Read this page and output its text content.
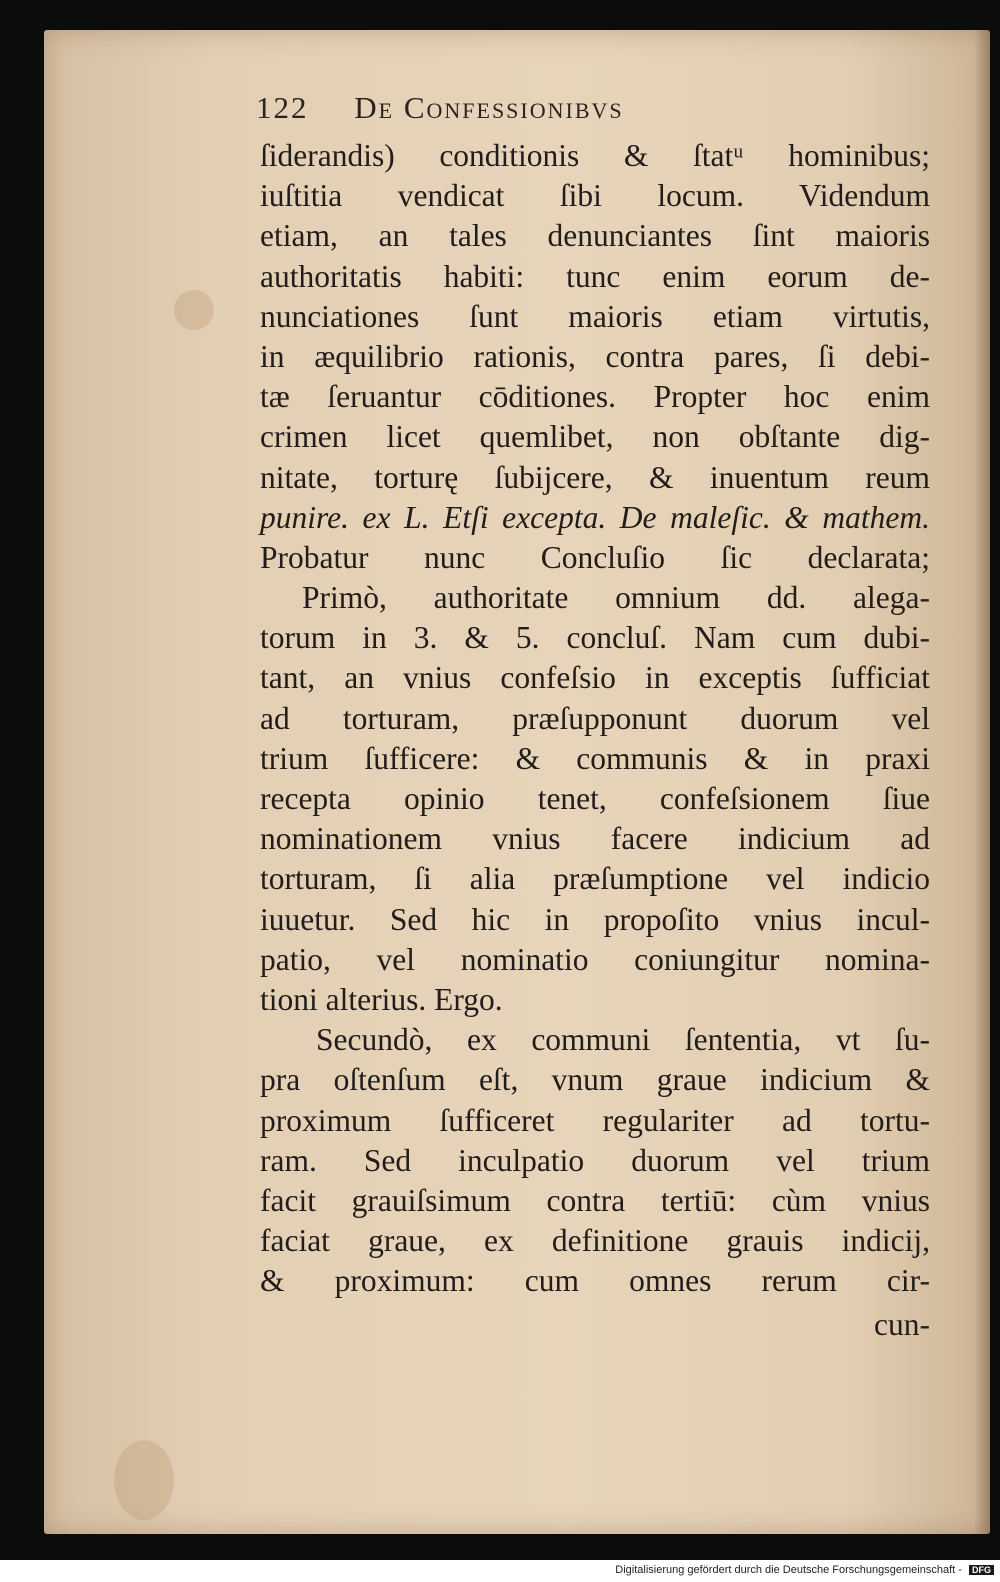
122 De Confessionibvs
ſiderandis) conditionis & ſtatᵘ hominibus;
iuſtitia vendicat ſibi locum. Videndum
etiam, an tales denunciantes ſint maioris
authoritatis habiti: tunc enim eorum de-
nunciationes ſunt maioris etiam virtutis,
in æquilibrio rationis, contra pares, ſi debi-
tæ ſeruantur cōditiones. Propter hoc enim
crimen licet quemlibet, non obſtante dig-
nitate, torturę ſubijcere, & inuentum reum
punire. ex L. Etſi excepta. De maleſic. & mathem.
Probatur nunc Concluſio ſic declarata;
Primò, authoritate omnium dd. alega-
torum in 3. & 5. concluſ. Nam cum dubi-
tant, an vnius confeſsio in exceptis ſufficiat
ad torturam, præſupponunt duorum vel
trium ſufficere: & communis & in praxi
recepta opinio tenet, confeſsionem ſiue
nominationem vnius facere indicium ad
torturam, ſi alia præſumptione vel indicio
iuuetur. Sed hic in propoſito vnius incul-
patio, vel nominatio coniungitur nomina-
tioni alterius. Ergo.
Secundò, ex communi ſententia, vt ſu-
pra oſtenſum eſt, vnum graue indicium &
proximum ſufficeret regulariter ad tortu-
ram. Sed inculpatio duorum vel trium
facit grauiſsimum contra tertiū: cùm vnius
faciat graue, ex definitione grauis indicij,
& proximum: cum omnes rerum cir-
cun-
Digitalisierung gefördert durch die Deutsche Forschungsgemeinschaft - DFG
